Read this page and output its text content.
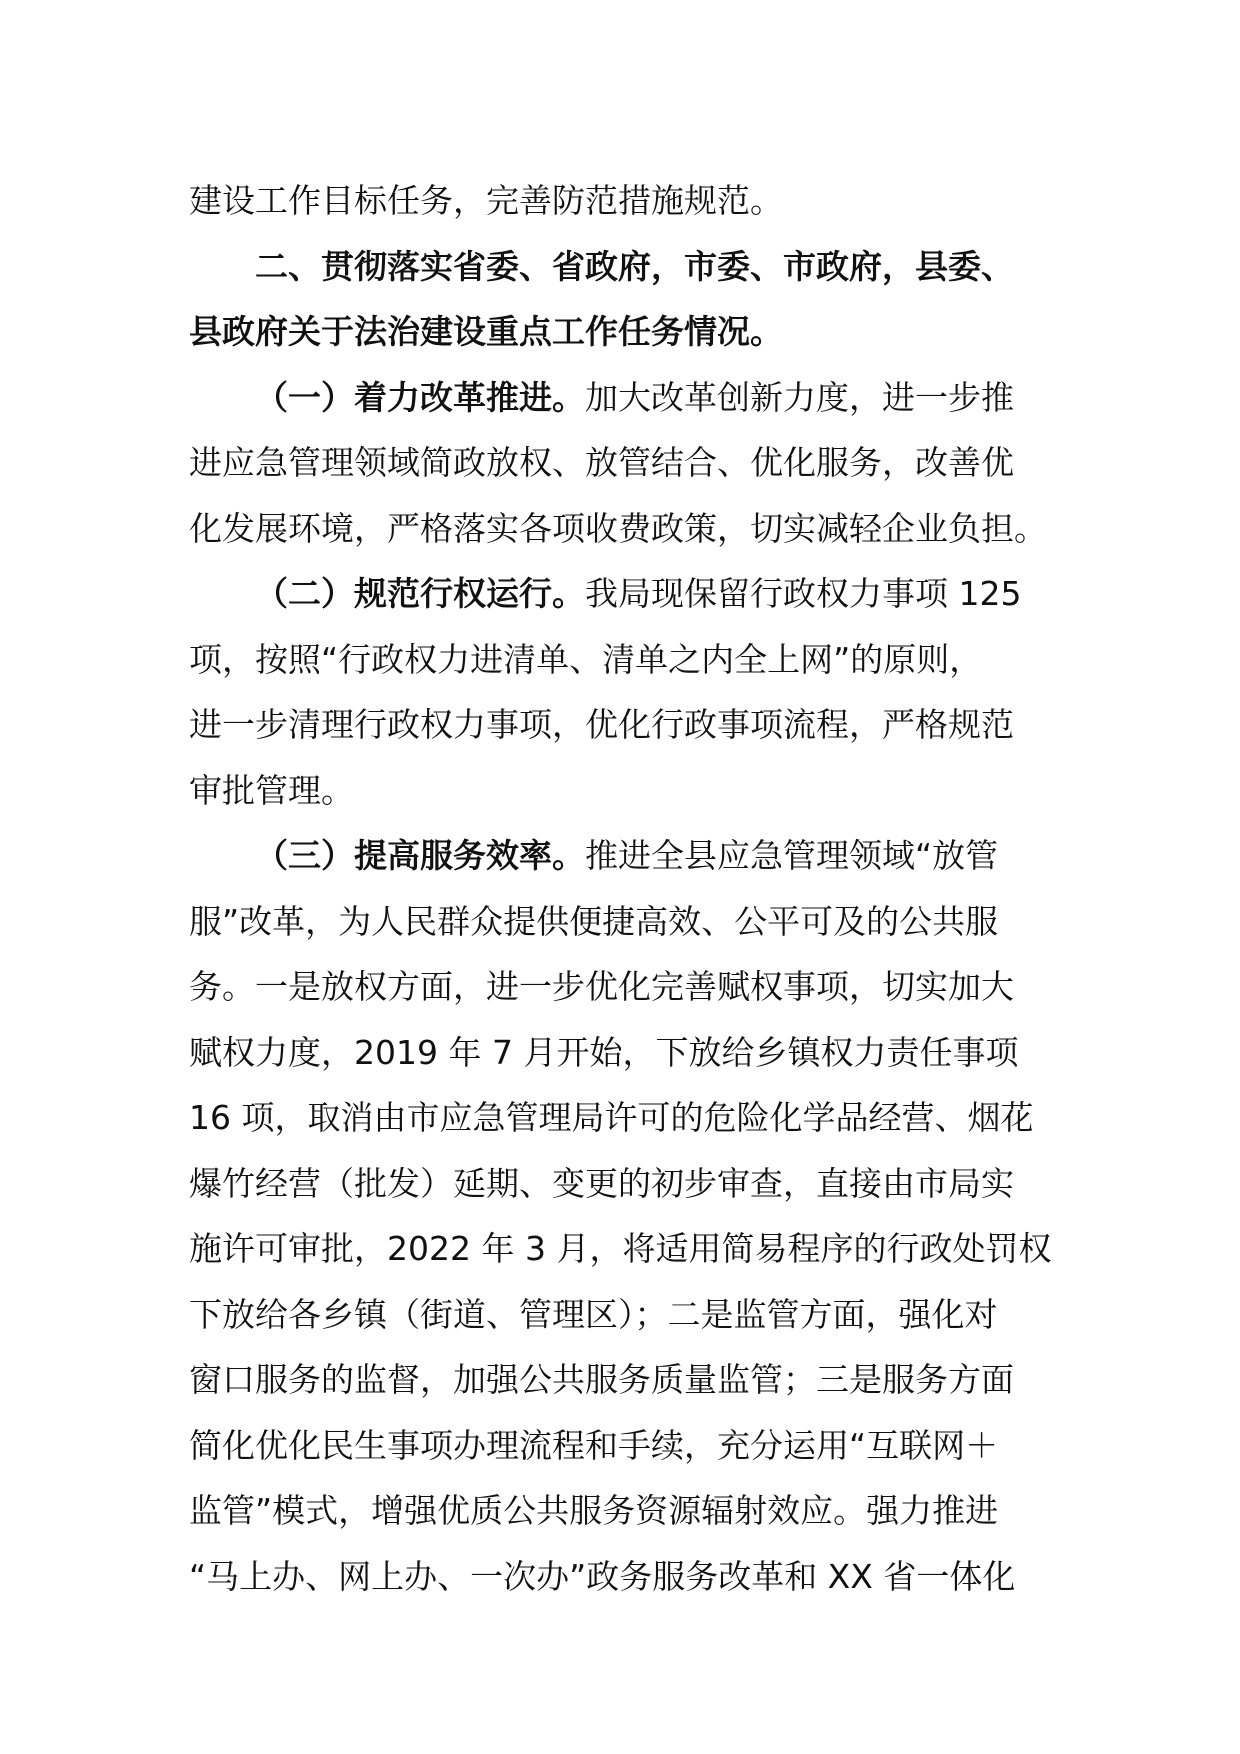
建设工作目标任务，完善防范措施规范。
二、贯彻落实省委、省政府，市委、市政府，县委、
县政府关于法治建设重点工作任务情况。
（一）着力改革推进。加大改革创新力度，进一步推
进应急管理领域简政放权、放管结合、优化服务，改善优
化发展环境，严格落实各项收费政策，切实减轻企业负担。
（二）规范行权运行。我局现保留行政权力事项 125
项，按照“行政权力进清单、清单之内全上网”的原则，
进一步清理行政权力事项，优化行政事项流程，严格规范
审批管理。
（三）提高服务效率。推进全县应急管理领域“放管
服”改革，为人民群众提供便捷高效、公平可及的公共服
务。一是放权方面，进一步优化完善赋权事项，切实加大
赋权力度，2019 年 7 月开始，下放给乡镇权力责任事项
16 项，取消由市应急管理局许可的危险化学品经营、烟花
爆竹经营（批发）延期、变更的初步审查，直接由市局实
施许可审批，2022 年 3 月，将适用简易程序的行政处罚权
下放给各乡镇（街道、管理区）；二是监管方面，强化对
窗口服务的监督，加强公共服务质量监管；三是服务方面
简化优化民生事项办理流程和手续，充分运用“互联网＋
监管”模式，增强优质公共服务资源辐射效应。强力推进
“马上办、网上办、一次办”政务服务改革和 XX 省一体化
